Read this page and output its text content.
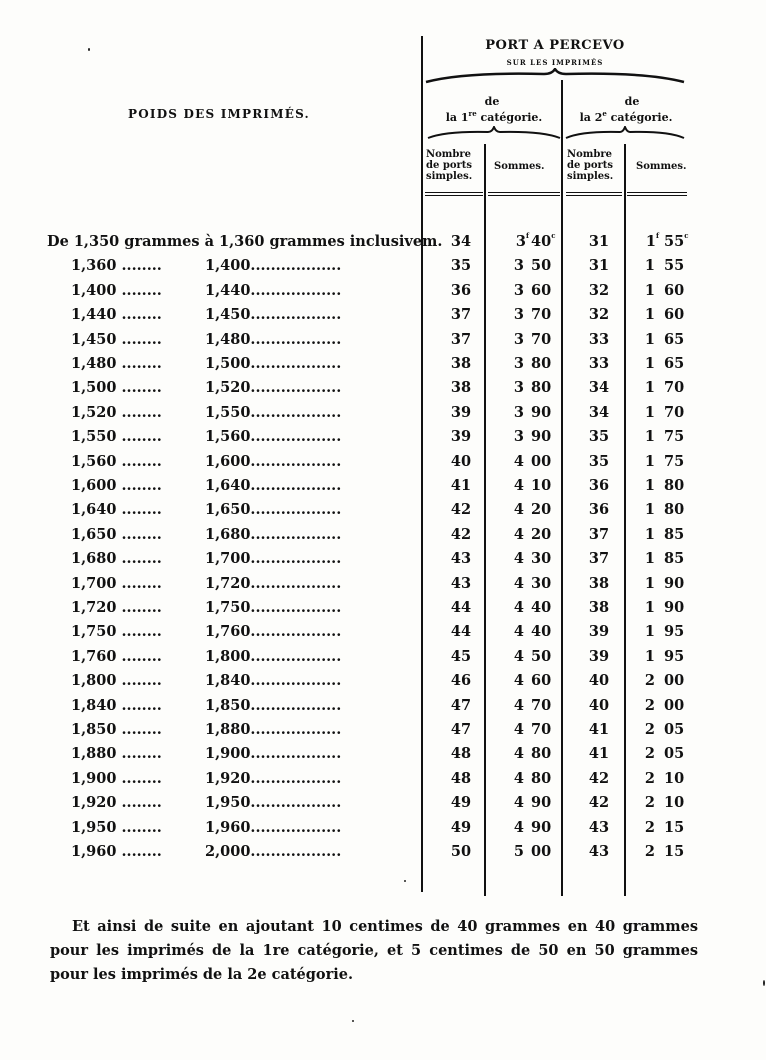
PORT A PERCEVO
SUR LES IMPRIMÉS
POIDS DES IMPRIMÉS.
de
la 1re catégorie.
de
la 2e catégorie.
Nombre
de ports
simples.
Sommes.
Nombre
de ports
simples.
Sommes.
De 1,350 grammes à 1,360 grammes inclusivem. 34	3$^f$ 40$^c$	31	1$^f$ 55$^c$
1,360 ........	1,400..................	35	3 50	31	1 55
1,400 ........	1,440..................	36	3 60	32	1 60
1,440 ........	1,450..................	37	3 70	32	1 60
1,450 ........	1,480..................	37	3 70	33	1 65
1,480 ........	1,500..................	38	3 80	33	1 65
1,500 ........	1,520..................	38	3 80	34	1 70
1,520 ........	1,550..................	39	3 90	34	1 70
1,550 ........	1,560..................	39	3 90	35	1 75
1,560 ........	1,600..................	40	4 00	35	1 75
1,600 ........	1,640..................	41	4 10	36	1 80
1,640 ........	1,650..................	42	4 20	36	1 80
1,650 ........	1,680..................	42	4 20	37	1 85
1,680 ........	1,700..................	43	4 30	37	1 85
1,700 ........	1,720..................	43	4 30	38	1 90
1,720 ........	1,750..................	44	4 40	38	1 90
1,750 ........	1,760..................	44	4 40	39	1 95
1,760 ........	1,800..................	45	4 50	39	1 95
1,800 ........	1,840..................	46	4 60	40	2 00
1,840 ........	1,850..................	47	4 70	40	2 00
1,850 ........	1,880..................	47	4 70	41	2 05
1,880 ........	1,900..................	48	4 80	41	2 05
1,900 ........	1,920..................	48	4 80	42	2 10
1,920 ........	1,950..................	49	4 90	42	2 10
1,950 ........	1,960..................	49	4 90	43	2 15
1,960 ........	2,000..................	50	5 00	43	2 15

Et ainsi de suite en ajoutant 10 centimes de 40 grammes en 40 grammes pour les imprimés de la 1re catégorie, et 5 centimes de 50 en 50 grammes pour les imprimés de la 2e catégorie.
